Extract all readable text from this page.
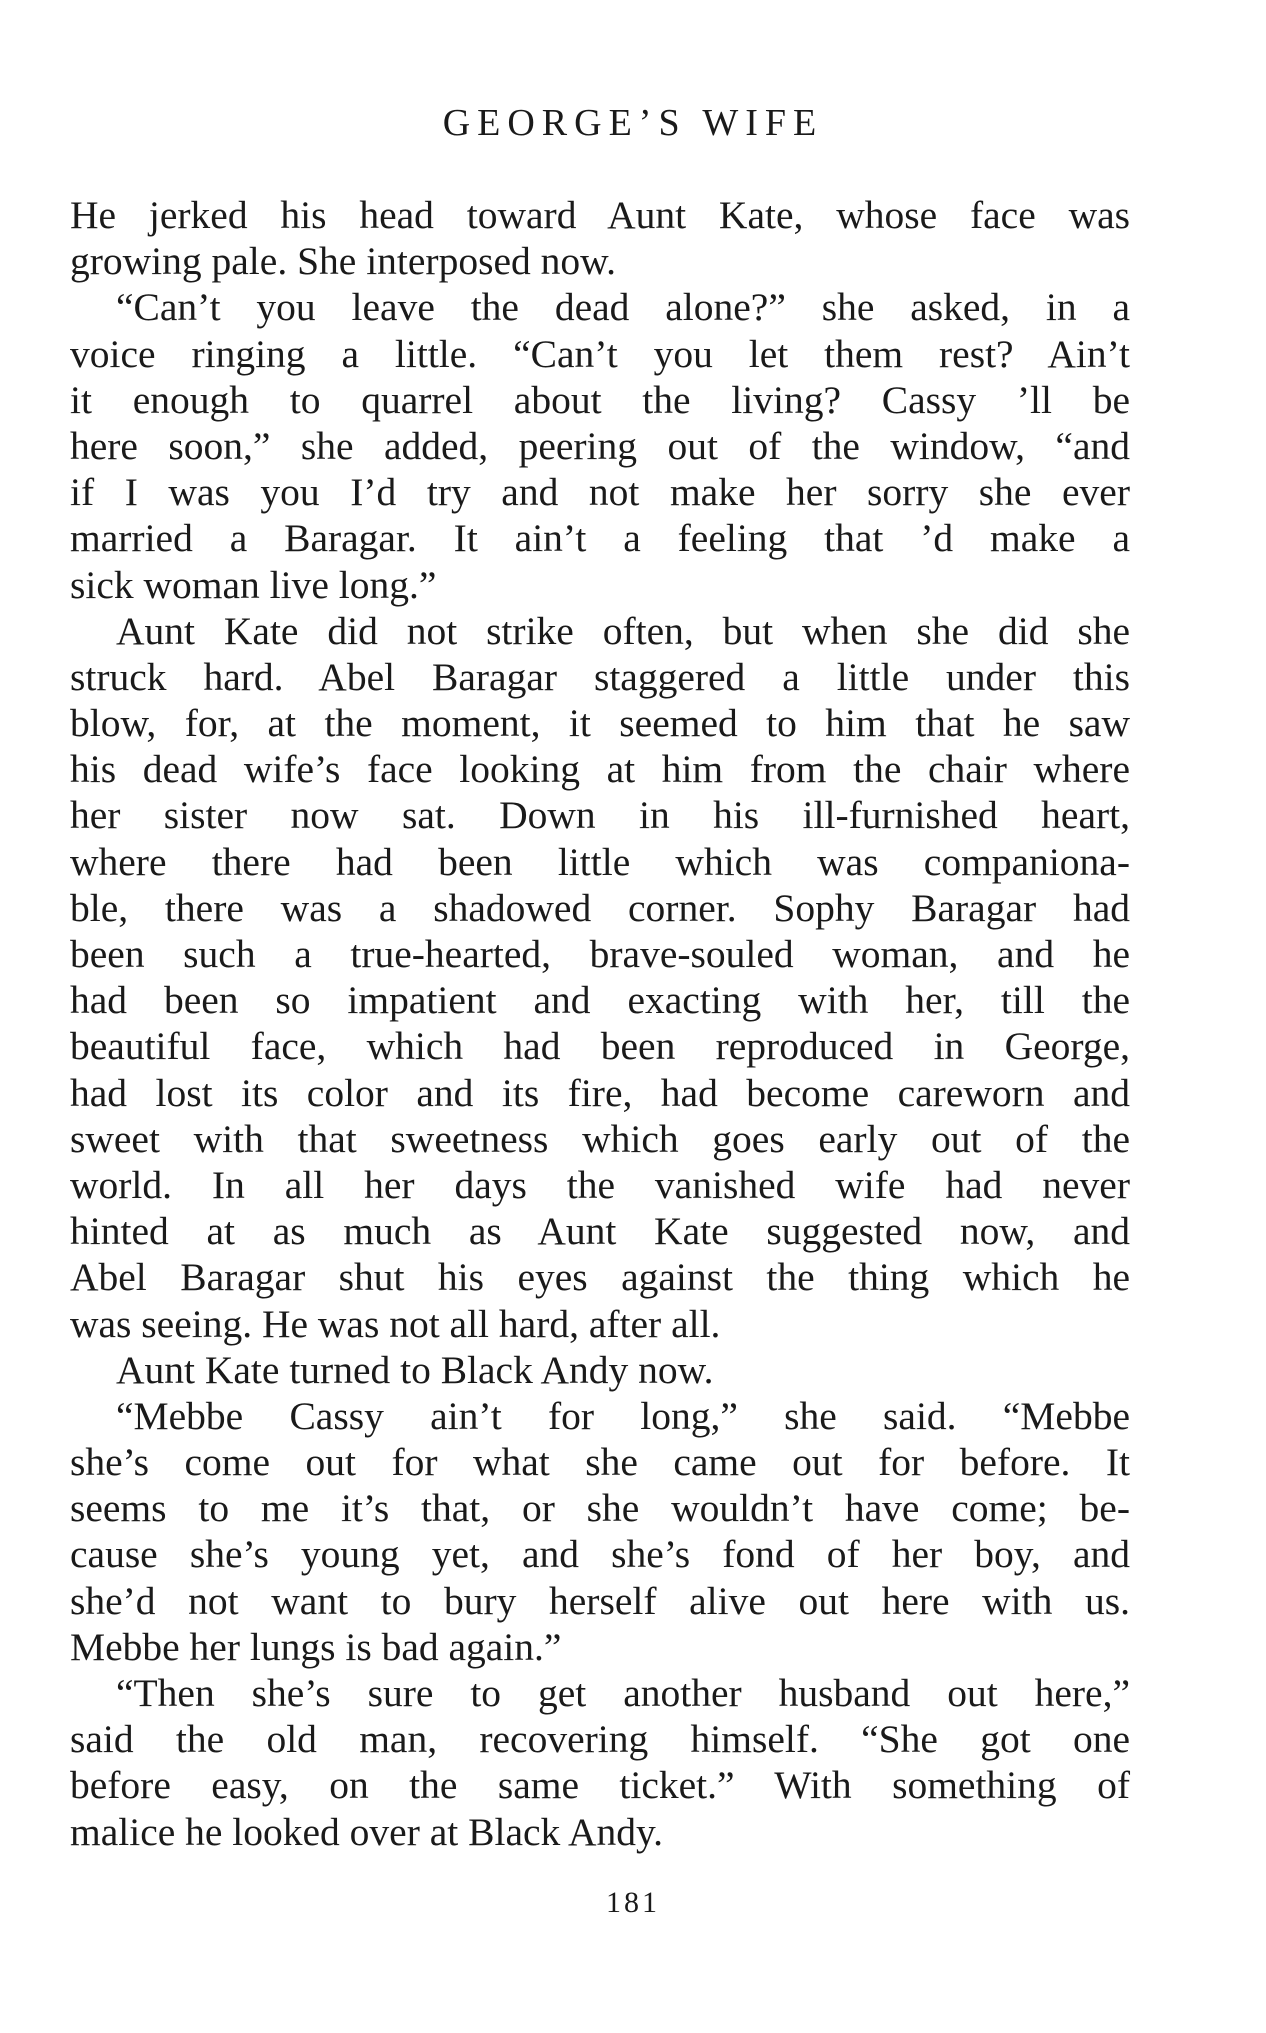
GEORGE’S WIFE
He jerked his head toward Aunt Kate, whose face was
growing pale. She interposed now.
“Can’t you leave the dead alone?” she asked, in a
voice ringing a little. “Can’t you let them rest? Ain’t
it enough to quarrel about the living? Cassy ’ll be
here soon,” she added, peering out of the window, “and
if I was you I’d try and not make her sorry she ever
married a Baragar. It ain’t a feeling that ’d make a
sick woman live long.”
Aunt Kate did not strike often, but when she did she
struck hard. Abel Baragar staggered a little under this
blow, for, at the moment, it seemed to him that he saw
his dead wife’s face looking at him from the chair where
her sister now sat. Down in his ill-furnished heart,
where there had been little which was companiona-
ble, there was a shadowed corner. Sophy Baragar had
been such a true-hearted, brave-souled woman, and he
had been so impatient and exacting with her, till the
beautiful face, which had been reproduced in George,
had lost its color and its fire, had become careworn and
sweet with that sweetness which goes early out of the
world. In all her days the vanished wife had never
hinted at as much as Aunt Kate suggested now, and
Abel Baragar shut his eyes against the thing which he
was seeing. He was not all hard, after all.
Aunt Kate turned to Black Andy now.
“Mebbe Cassy ain’t for long,” she said. “Mebbe
she’s come out for what she came out for before. It
seems to me it’s that, or she wouldn’t have come; be-
cause she’s young yet, and she’s fond of her boy, and
she’d not want to bury herself alive out here with us.
Mebbe her lungs is bad again.”
“Then she’s sure to get another husband out here,”
said the old man, recovering himself. “She got one
before easy, on the same ticket.” With something of
malice he looked over at Black Andy.
181
